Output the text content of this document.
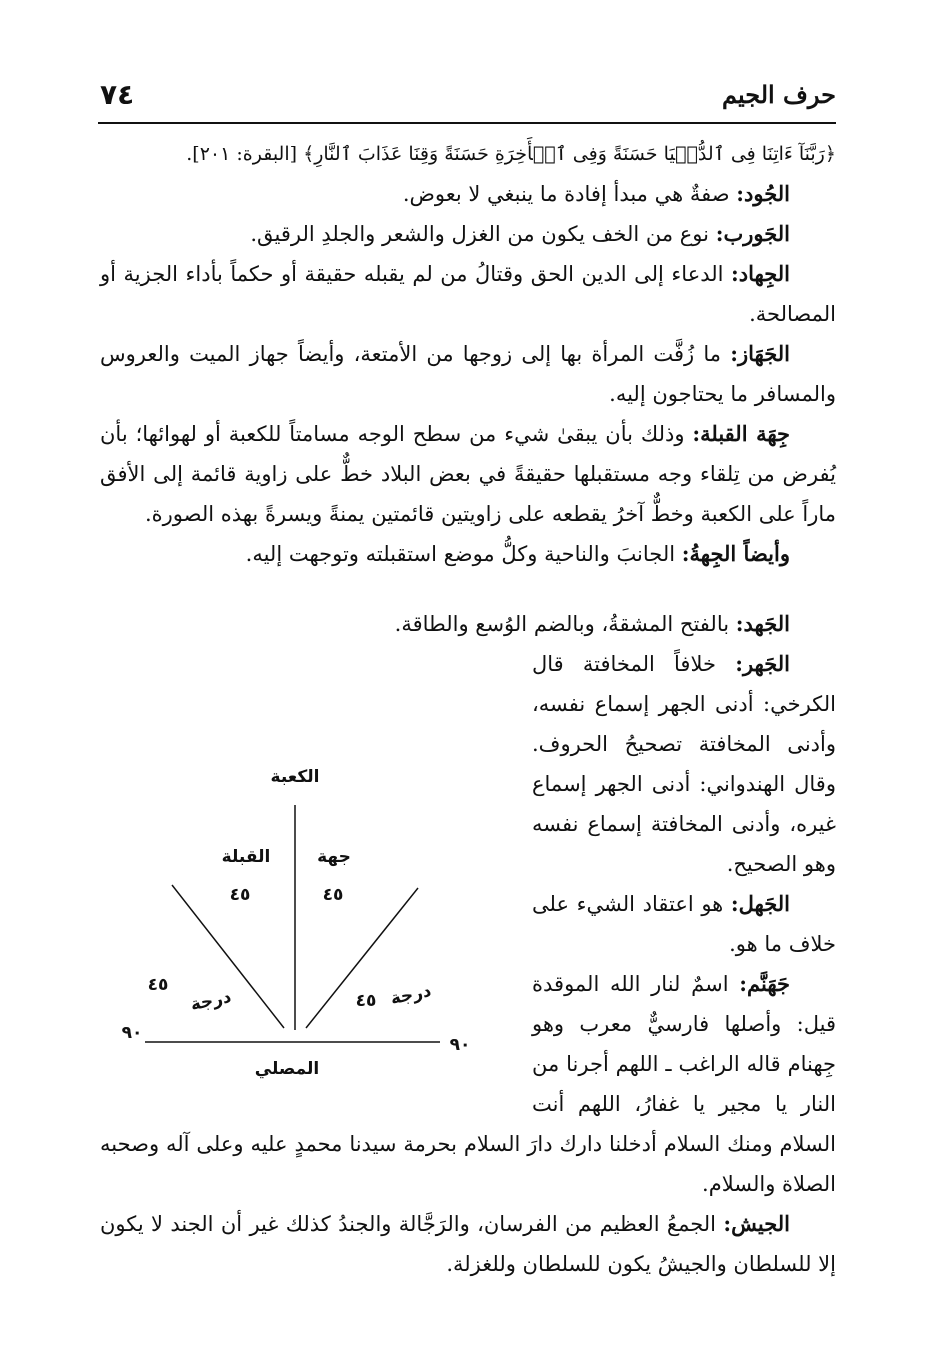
٧٤	حرف الجيم

﴿رَبَّنَآ ءَاتِنَا فِى ٱلدُّنۡيَا حَسَنَةً وَفِى ٱلۡأَخِرَةِ حَسَنَةً وَقِنَا عَذَابَ ٱلنَّارِ﴾ [البقرة: ٢٠١].

الجُود: صفةٌ هي مبدأ إفادة ما ينبغي لا بعوض.

الجَورب: نوع من الخف يكون من الغزل والشعر والجلدِ الرقيق.

الجِهاد: الدعاء إلى الدين الحق وقتالُ من لم يقبله حقيقة أو حكماً بأداء الجزية أو المصالحة.

الجَهَاز: ما زُفَّت المرأة بها إلى زوجها من الأمتعة، وأيضاً جهاز الميت والعروس والمسافر ما يحتاجون إليه.

جِهَة القبلة: وذلك بأن يبقىٰ شيء من سطح الوجه مسامتاً للكعبة أو لهوائها؛ بأن يُفرض من تِلقاء وجه مستقبلها حقيقةً في بعض البلاد خطٌّ على زاوية قائمة إلى الأفق ماراً على الكعبة وخطٌّ آخرُ يقطعه على زاويتين قائمتين يمنةً ويسرةً بهذه الصورة.

وأيضاً الجِهةُ: الجانبَ والناحية وكلُّ موضع استقبلته وتوجهت إليه.

الجَهد: بالفتح المشقةُ، وبالضم الوُسع والطاقة.

الجَهر: خلافاً المخافتة قال الكرخي: أدنى الجهر إسماع نفسه، وأدنى المخافتة تصحيحُ الحروف. وقال الهندواني: أدنى الجهر إسماع غيره، وأدنى المخافتة إسماع نفسه وهو الصحيح.

الجَهل: هو اعتقاد الشيء على خلاف ما هو.

جَهَنَّم: اسمٌ لنار الله الموقدة قيل: وأصلها فارسيٌّ معرب وهو جِهنام قاله الراغب ـ اللهم أجرنا من النار يا مجير يا غفارُ، اللهم أنت السلام ومنك السلام أدخلنا دارك دارَ السلام بحرمة سيدنا محمدٍ عليه وعلى آله وصحبه الصلاة والسلام.

الجيش: الجمعُ العظيم من الفرسان، والرَجَّالة والجندُ كذلك غير أن الجند لا يكون إلا للسلطان والجيشُ يكون للسلطان وللغزلة.

الكعبة
القبلة	جهة
٤٥	٤٥
٤٥
درجة	٤٥ درجة
٩٠
٩٠
المصلي
